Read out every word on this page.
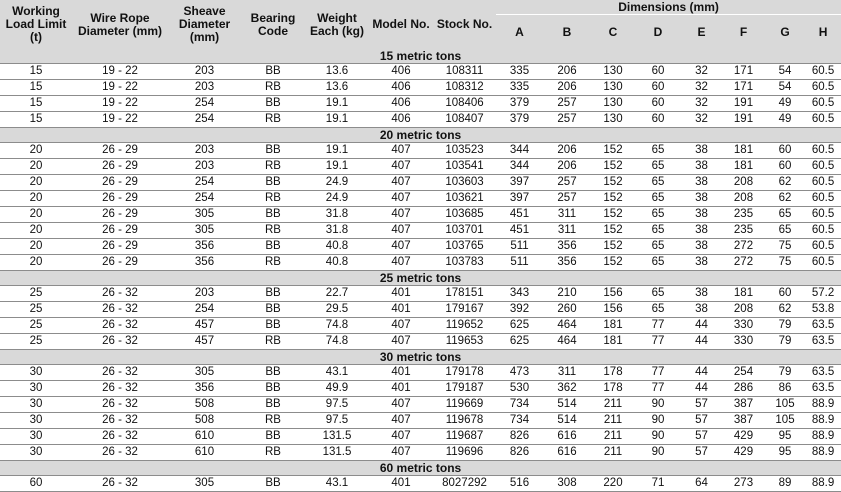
Working Load Limit (t)	Wire Rope Diameter (mm)	Sheave Diameter (mm)	Bearing Code	Weight Each (kg)	Model No.	Stock No.	Dimensions (mm)							
							A	B	C	D	E	F	G	H
15 metric tons														
15	19 - 22	203	BB	13.6	406	108311	335	206	130	60	32	171	54	60.5
15	19 - 22	203	RB	13.6	406	108312	335	206	130	60	32	171	54	60.5
15	19 - 22	254	BB	19.1	406	108406	379	257	130	60	32	191	49	60.5
15	19 - 22	254	RB	19.1	406	108407	379	257	130	60	32	191	49	60.5
20 metric tons														
20	26 - 29	203	BB	19.1	407	103523	344	206	152	65	38	181	60	60.5
20	26 - 29	203	RB	19.1	407	103541	344	206	152	65	38	181	60	60.5
20	26 - 29	254	BB	24.9	407	103603	397	257	152	65	38	208	62	60.5
20	26 - 29	254	RB	24.9	407	103621	397	257	152	65	38	208	62	60.5
20	26 - 29	305	BB	31.8	407	103685	451	311	152	65	38	235	65	60.5
20	26 - 29	305	RB	31.8	407	103701	451	311	152	65	38	235	65	60.5
20	26 - 29	356	BB	40.8	407	103765	511	356	152	65	38	272	75	60.5
20	26 - 29	356	RB	40.8	407	103783	511	356	152	65	38	272	75	60.5
25 metric tons														
25	26 - 32	203	BB	22.7	401	178151	343	210	156	65	38	181	60	57.2
25	26 - 32	254	BB	29.5	401	179167	392	260	156	65	38	208	62	53.8
25	26 - 32	457	BB	74.8	407	119652	625	464	181	77	44	330	79	63.5
25	26 - 32	457	RB	74.8	407	119653	625	464	181	77	44	330	79	63.5
30 metric tons														
30	26 - 32	305	BB	43.1	401	179178	473	311	178	77	44	254	79	63.5
30	26 - 32	356	BB	49.9	401	179187	530	362	178	77	44	286	86	63.5
30	26 - 32	508	BB	97.5	407	119669	734	514	211	90	57	387	105	88.9
30	26 - 32	508	RB	97.5	407	119678	734	514	211	90	57	387	105	88.9
30	26 - 32	610	BB	131.5	407	119687	826	616	211	90	57	429	95	88.9
30	26 - 32	610	RB	131.5	407	119696	826	616	211	90	57	429	95	88.9
60 metric tons														
60	26 - 32	305	BB	43.1	401	8027292	516	308	220	71	64	273	89	88.9
